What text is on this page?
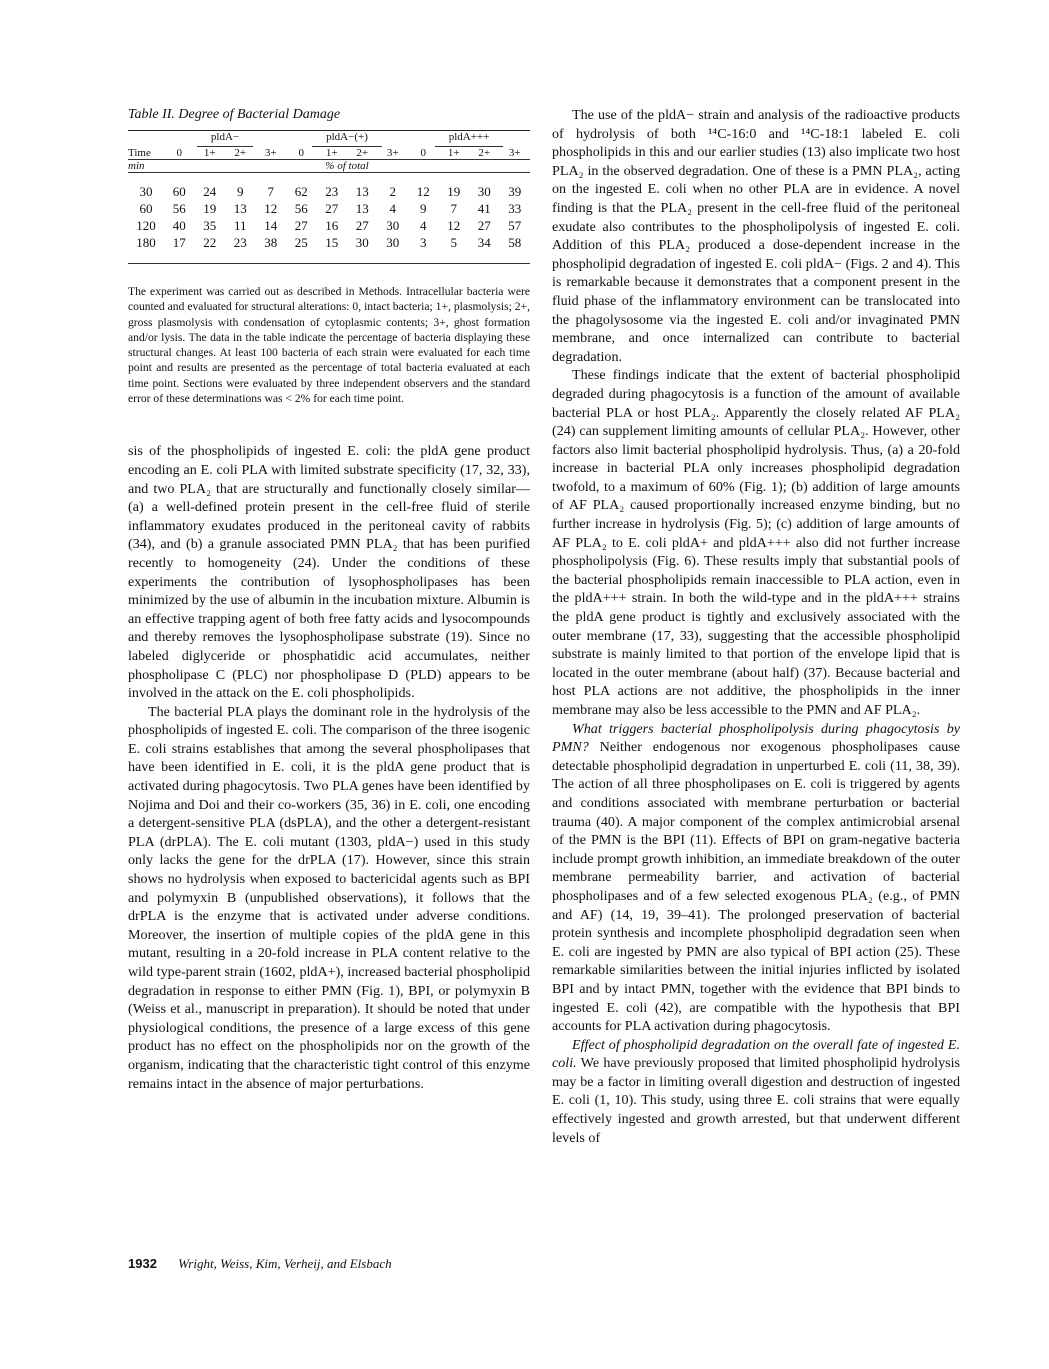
Table II. Degree of Bacterial Damage
	pldA−				pldA−(+)				pldA+++			
Time	0	1+	2+	3+	0	1+	2+	3+	0	1+	2+	3+
min	% of total											
30	60	24	9	7	62	23	13	2	12	19	30	39
60	56	19	13	12	56	27	13	4	9	7	41	33
120	40	35	11	14	27	16	27	30	4	12	27	57
180	17	22	23	38	25	15	30	30	3	5	34	58

The experiment was carried out as described in Methods. Intracellular bacteria were counted and evaluated for structural alterations: 0, intact bacteria; 1+, plasmolysis; 2+, gross plasmolysis with condensation of cytoplasmic contents; 3+, ghost formation and/or lysis. The data in the table indicate the percentage of bacteria displaying these structural changes. At least 100 bacteria of each strain were evaluated for each time point and results are presented as the percentage of total bacteria evaluated at each time point. Sections were evaluated by three independent observers and the standard error of these determinations was < 2% for each time point.

sis of the phospholipids of ingested E. coli: the pldA gene product encoding an E. coli PLA with limited substrate specificity (17, 32, 33), and two PLA₂ that are structurally and functionally closely similar—(a) a well-defined protein present in the cell-free fluid of sterile inflammatory exudates produced in the peritoneal cavity of rabbits (34), and (b) a granule associated PMN PLA₂ that has been purified recently to homogeneity (24). Under the conditions of these experiments the contribution of lysophospholipases has been minimized by the use of albumin in the incubation mixture. Albumin is an effective trapping agent of both free fatty acids and lysocompounds and thereby removes the lysophospholipase substrate (19). Since no labeled diglyceride or phosphatidic acid accumulates, neither phospholipase C (PLC) nor phospholipase D (PLD) appears to be involved in the attack on the E. coli phospholipids.

The bacterial PLA plays the dominant role in the hydrolysis of the phospholipids of ingested E. coli. The comparison of the three isogenic E. coli strains establishes that among the several phospholipases that have been identified in E. coli, it is the pldA gene product that is activated during phagocytosis. Two PLA genes have been identified by Nojima and Doi and their co-workers (35, 36) in E. coli, one encoding a detergent-sensitive PLA (dsPLA), and the other a detergent-resistant PLA (drPLA). The E. coli mutant (1303, pldA−) used in this study only lacks the gene for the drPLA (17). However, since this strain shows no hydrolysis when exposed to bactericidal agents such as BPI and polymyxin B (unpublished observations), it follows that the drPLA is the enzyme that is activated under adverse conditions. Moreover, the insertion of multiple copies of the pldA gene in this mutant, resulting in a 20-fold increase in PLA content relative to the wild type-parent strain (1602, pldA+), increased bacterial phospholipid degradation in response to either PMN (Fig. 1), BPI, or polymyxin B (Weiss et al., manuscript in preparation). It should be noted that under physiological conditions, the presence of a large excess of this gene product has no effect on the phospholipids nor on the growth of the organism, indicating that the characteristic tight control of this enzyme remains intact in the absence of major perturbations.

The use of the pldA− strain and analysis of the radioactive products of hydrolysis of both ¹⁴C-16:0 and ¹⁴C-18:1 labeled E. coli phospholipids in this and our earlier studies (13) also implicate two host PLA₂ in the observed degradation. One of these is a PMN PLA₂, acting on the ingested E. coli when no other PLA are in evidence. A novel finding is that the PLA₂ present in the cell-free fluid of the peritoneal exudate also contributes to the phospholipolysis of ingested E. coli. Addition of this PLA₂ produced a dose-dependent increase in the phospholipid degradation of ingested E. coli pldA− (Figs. 2 and 4). This is remarkable because it demonstrates that a component present in the fluid phase of the inflammatory environment can be translocated into the phagolysosome via the ingested E. coli and/or invaginated PMN membrane, and once internalized can contribute to bacterial degradation.

These findings indicate that the extent of bacterial phospholipid degraded during phagocytosis is a function of the amount of available bacterial PLA or host PLA₂. Apparently the closely related AF PLA₂ (24) can supplement limiting amounts of cellular PLA₂. However, other factors also limit bacterial phospholipid hydrolysis. Thus, (a) a 20-fold increase in bacterial PLA only increases phospholipid degradation twofold, to a maximum of 60% (Fig. 1); (b) addition of large amounts of AF PLA₂ caused proportionally increased enzyme binding, but no further increase in hydrolysis (Fig. 5); (c) addition of large amounts of AF PLA₂ to E. coli pldA+ and pldA+++ also did not further increase phospholipolysis (Fig. 6). These results imply that substantial pools of the bacterial phospholipids remain inaccessible to PLA action, even in the pldA+++ strain. In both the wild-type and in the pldA+++ strains the pldA gene product is tightly and exclusively associated with the outer membrane (17, 33), suggesting that the accessible phospholipid substrate is mainly limited to that portion of the envelope lipid that is located in the outer membrane (about half) (37). Because bacterial and host PLA actions are not additive, the phospholipids in the inner membrane may also be less accessible to the PMN and AF PLA₂.

What triggers bacterial phospholipolysis during phagocytosis by PMN? Neither endogenous nor exogenous phospholipases cause detectable phospholipid degradation in unperturbed E. coli (11, 38, 39). The action of all three phospholipases on E. coli is triggered by agents and conditions associated with membrane perturbation or bacterial trauma (40). A major component of the complex antimicrobial arsenal of the PMN is the BPI (11). Effects of BPI on gram-negative bacteria include prompt growth inhibition, an immediate breakdown of the outer membrane permeability barrier, and activation of bacterial phospholipases and of a few selected exogenous PLA₂ (e.g., of PMN and AF) (14, 19, 39–41). The prolonged preservation of bacterial protein synthesis and incomplete phospholipid degradation seen when E. coli are ingested by PMN are also typical of BPI action (25). These remarkable similarities between the initial injuries inflicted by isolated BPI and by intact PMN, together with the evidence that BPI binds to ingested E. coli (42), are compatible with the hypothesis that BPI accounts for PLA activation during phagocytosis.

Effect of phospholipid degradation on the overall fate of ingested E. coli. We have previously proposed that limited phospholipid hydrolysis may be a factor in limiting overall digestion and destruction of ingested E. coli (1, 10). This study, using three E. coli strains that were equally effectively ingested and growth arrested, but that underwent different levels of

1932 Wright, Weiss, Kim, Verheij, and Elsbach
